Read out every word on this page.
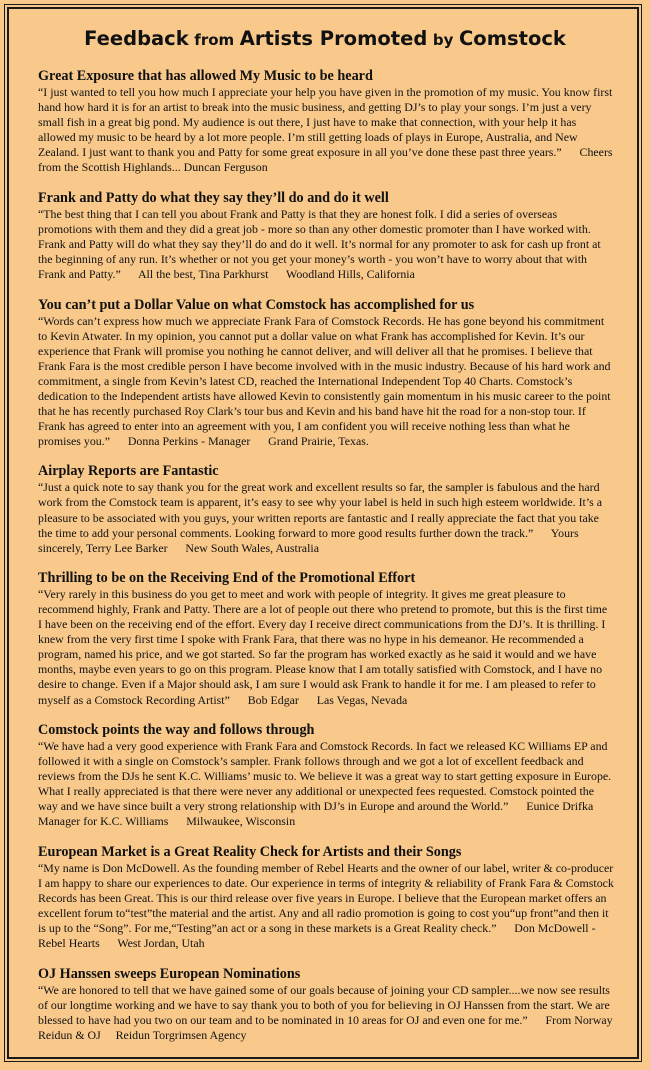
Feedback from Artists Promoted by Comstock
Great Exposure that has allowed My Music to be heard

“I just wanted to tell you how much I appreciate your help you have given in the promotion of my music. You know first hand how hard it is for an artist to break into the music business, and getting DJ’s to play your songs. I’m just a very small fish in a great big pond. My audience is out there, I just have to make that connection, with your help it has allowed my music to be heard by a lot more people. I’m still getting loads of plays in Europe, Australia, and New Zealand. I just want to thank you and Patty for some great exposure in all you’ve done these past three years.”      Cheers from the Scottish Highlands... Duncan Ferguson

Frank and Patty do what they say they’ll do and do it well

“The best thing that I can tell you about Frank and Patty is that they are honest folk. I did a series of overseas promotions with them and they did a great job - more so than any other domestic promoter than I have worked with. Frank and Patty will do what they say they’ll do and do it well. It’s normal for any promoter to ask for cash up front at the beginning of any run. It’s whether or not you get your money’s worth - you won’t have to worry about that with Frank and Patty.”      All the best, Tina Parkhurst      Woodland Hills, California

You can’t put a Dollar Value on what Comstock has accomplished for us

“Words can’t express how much we appreciate Frank Fara of Comstock Records. He has gone beyond his commitment to Kevin Atwater. In my opinion, you cannot put a dollar value on what Frank has accomplished for Kevin. It’s our experience that Frank will promise you nothing he cannot deliver, and will deliver all that he promises. I believe that Frank Fara is the most credible person I have become involved with in the music industry. Because of his hard work and commitment, a single from Kevin’s latest CD, reached the International Independent Top 40 Charts. Comstock’s dedication to the Independent artists have allowed Kevin to consistently gain momentum in his music career to the point that he has recently purchased Roy Clark’s tour bus and Kevin and his band have hit the road for a non-stop tour. If Frank has agreed to enter into an agreement with you, I am confident you will receive nothing less than what he promises you.”      Donna Perkins - Manager      Grand Prairie, Texas.

Airplay Reports are Fantastic

“Just a quick note to say thank you for the great work and excellent results so far, the sampler is fabulous and the hard work from the Comstock team is apparent, it’s easy to see why your label is held in such high esteem worldwide. It’s a pleasure to be associated with you guys, your written reports are fantastic and I really appreciate the fact that you take the time to add your personal comments. Looking forward to more good results further down the track.”      Yours sincerely, Terry Lee Barker      New South Wales, Australia

Thrilling to be on the Receiving End of the Promotional Effort

“Very rarely in this business do you get to meet and work with people of integrity. It gives me great pleasure to recommend highly, Frank and Patty. There are a lot of people out there who pretend to promote, but this is the first time I have been on the receiving end of the effort. Every day I receive direct communications from the DJ’s. It is thrilling. I knew from the very first time I spoke with Frank Fara, that there was no hype in his demeanor. He recommended a program, named his price, and we got started. So far the program has worked exactly as he said it would and we have months, maybe even years to go on this program. Please know that I am totally satisfied with Comstock, and I have no desire to change. Even if a Major should ask, I am sure I would ask Frank to handle it for me. I am pleased to refer to myself as a Comstock Recording Artist”      Bob Edgar      Las Vegas, Nevada

Comstock points the way and follows through

“We have had a very good experience with Frank Fara and Comstock Records. In fact we released KC Williams EP and followed it with a single on Comstock’s sampler. Frank follows through and we got a lot of excellent feedback and reviews from the DJs he sent K.C. Williams’ music to. We believe it was a great way to start getting exposure in Europe. What I really appreciated is that there were never any additional or unexpected fees requested. Comstock pointed the way and we have since built a very strong relationship with DJ’s in Europe and around the World.”      Eunice Drifka   Manager for K.C. Williams      Milwaukee, Wisconsin

European Market is a Great Reality Check for Artists and their Songs

“My name is Don McDowell. As the founding member of Rebel Hearts and the owner of our label, writer & co-producer I am happy to share our experiences to date. Our experience in terms of integrity & reliability of Frank Fara & Comstock Records has been Great. This is our third release over five years in Europe. I believe that the European market offers an excellent forum to“test”the material and the artist. Any and all radio promotion is going to cost you“up front”and then it is up to the “Song”. For me,“Testing”an act or a song in these markets is a Great Reality check.”      Don McDowell - Rebel Hearts      West Jordan, Utah

OJ Hanssen sweeps European Nominations

“We are honored to tell that we have gained some of our goals because of joining your CD sampler....we now see results of our longtime working and we have to say thank you to both of you for believing in OJ Hanssen from the start. We are blessed to have had you two on our team and to be nominated in 10 areas for OJ and even one for me.”      From Norway   Reidun & OJ     Reidun Torgrimsen Agency
